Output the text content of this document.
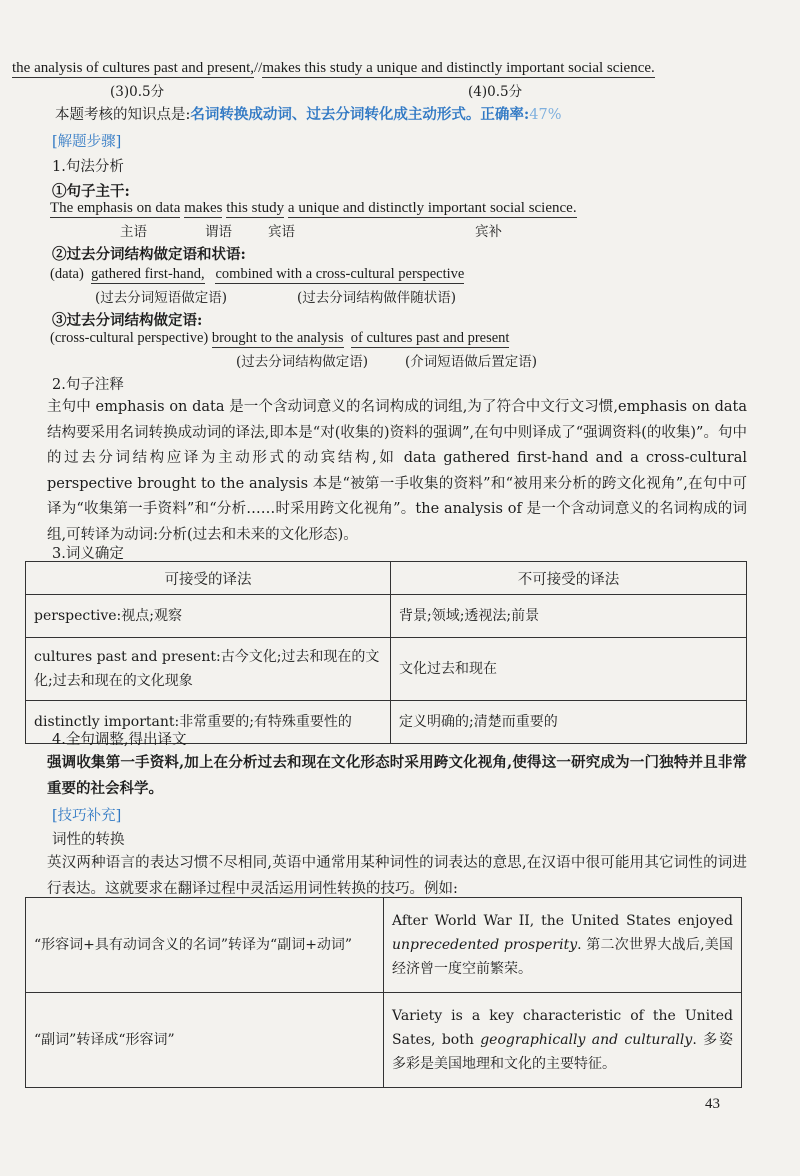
the analysis of cultures past and present,//makes this study a unique and distinctly important social science.
(3)0.5分	(4)0.5分
本题考核的知识点是:名词转换成动词、过去分词转化成主动形式。正确率:47%
[解题步骤]
1.句法分析
①句子主干:
The emphasis on data makes this study a unique and distinctly important social science.
主语	谓语	宾语	宾补
②过去分词结构做定语和状语:
(data) gathered first-hand, combined with a cross-cultural perspective
(过去分词短语做定语)	(过去分词结构做伴随状语)
③过去分词结构做定语:
(cross-cultural perspective) brought to the analysis of cultures past and present
(过去分词结构做定语)	(介词短语做后置定语)
2.句子注释
主句中 emphasis on data 是一个含动词意义的名词构成的词组,为了符合中文行文习惯,emphasis on data 结构要采用名词转换成动词的译法,即本是“对(收集的)资料的强调”,在句中则译成了“强调资料(的收集)”。句中的过去分词结构应译为主动形式的动宾结构,如 data gathered first-hand and a cross-cultural perspective brought to the analysis 本是“被第一手收集的资料”和“被用来分析的跨文化视角”,在句中可译为“收集第一手资料”和“分析……时采用跨文化视角”。the analysis of 是一个含动词意义的名词构成的词组,可转译为动词:分析(过去和未来的文化形态)。
3.词义确定
可接受的译法	不可接受的译法
perspective:视点;观察	背景;领域;透视法;前景
cultures past and present:古今文化;过去和现在的文化;过去和现在的文化现象	文化过去和现在
distinctly important:非常重要的;有特殊重要性的	定义明确的;清楚而重要的
4.全句调整,得出译文
强调收集第一手资料,加上在分析过去和现在文化形态时采用跨文化视角,使得这一研究成为一门独特并且非常重要的社会科学。
[技巧补充]
词性的转换
英汉两种语言的表达习惯不尽相同,英语中通常用某种词性的词表达的意思,在汉语中很可能用其它词性的词进行表达。这就要求在翻译过程中灵活运用词性转换的技巧。例如:
“形容词+具有动词含义的名词”转译为“副词+动词”	After World War II, the United States enjoyed unprecedented prosperity. 第二次世界大战后,美国经济曾一度空前繁荣。
“副词”转译成“形容词”	Variety is a key characteristic of the United Sates, both geographically and culturally. 多姿多彩是美国地理和文化的主要特征。
43
